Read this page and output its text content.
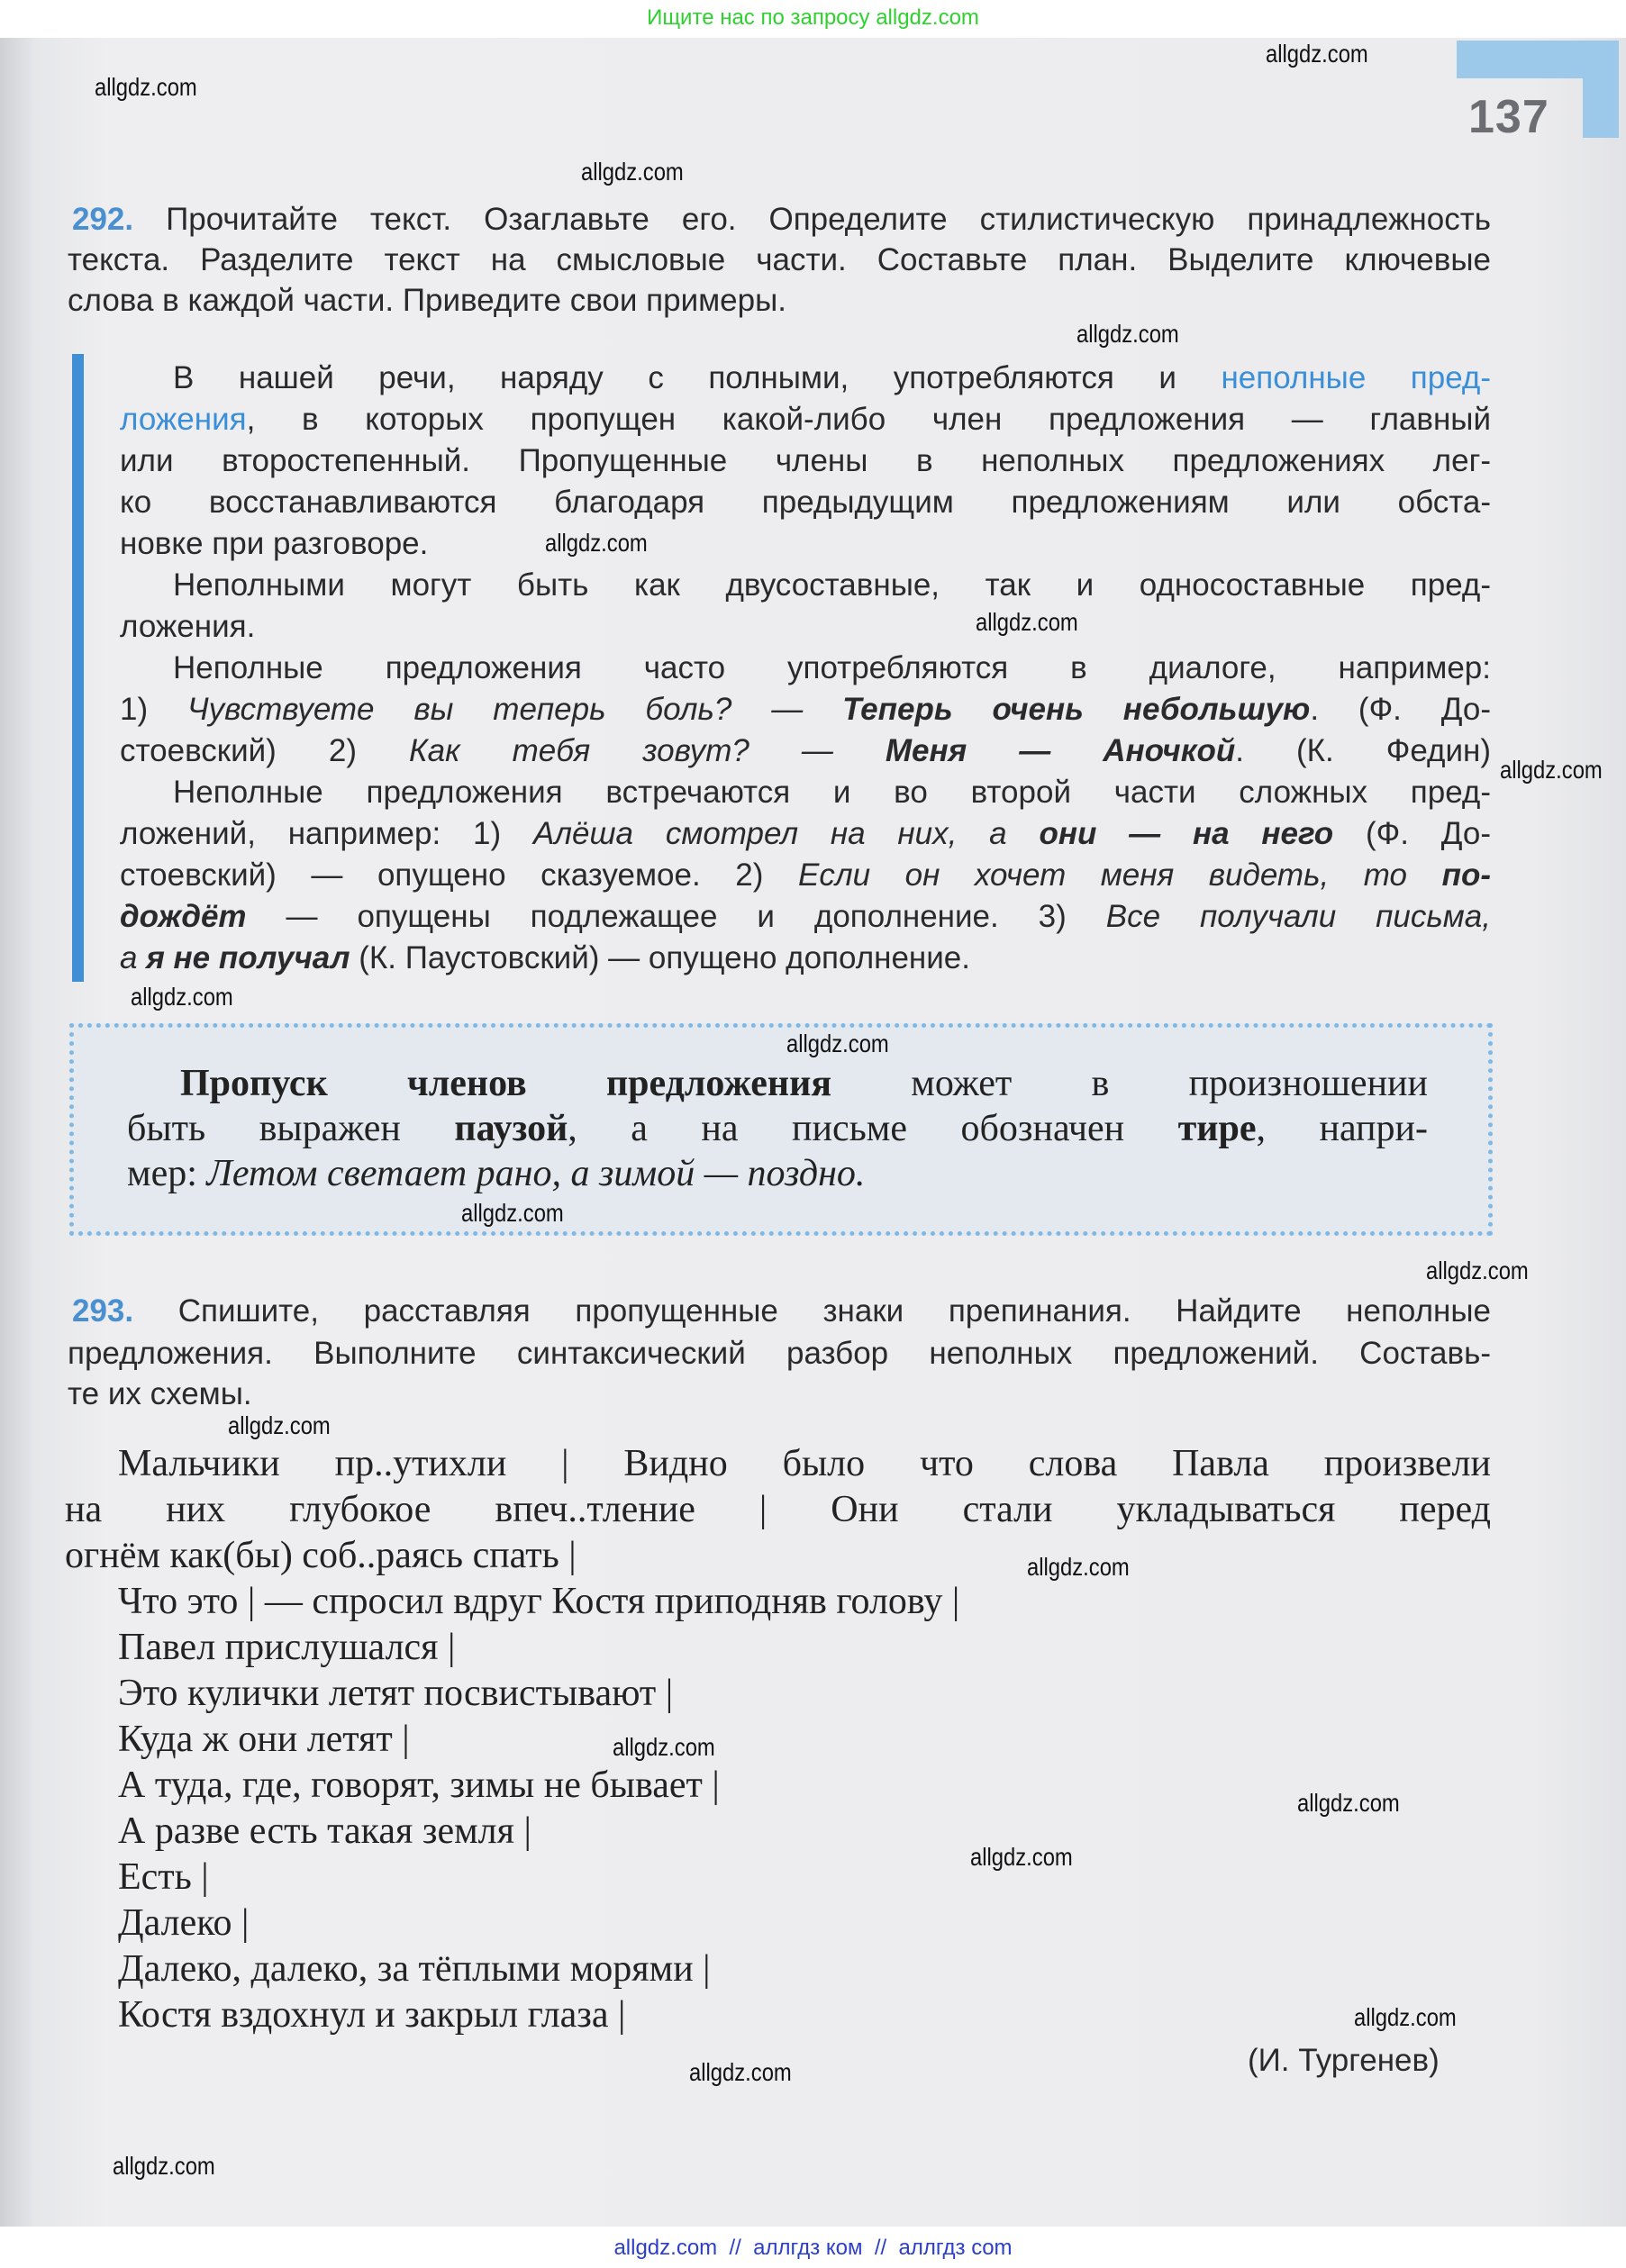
Ищите нас по запросу allgdz.com
137
292. Прочитайте текст. Озаглавьте его. Определите стилистическую принадлежность
текста. Разделите текст на смысловые части. Составьте план. Выделите ключевые
слова в каждой части. Приведите свои примеры.
В нашей речи, наряду с полными, употребляются и неполные пред-
ложения, в которых пропущен какой-либо член предложения — главный
или второстепенный. Пропущенные члены в неполных предложениях лег-
ко восстанавливаются благодаря предыдущим предложениям или обста-
новке при разговоре.
Неполными могут быть как двусоставные, так и односоставные пред-
ложения.
Неполные предложения часто употребляются в диалоге, например:
1) Чувствуете вы теперь боль? — Теперь очень небольшую. (Ф. До-
стоевский) 2) Как тебя зовут? — Меня — Аночкой. (К. Федин)
Неполные предложения встречаются и во второй части сложных пред-
ложений, например: 1) Алёша смотрел на них, а они — на него (Ф. До-
стоевский) — опущено сказуемое. 2) Если он хочет меня видеть, то по-
дождёт — опущены подлежащее и дополнение. 3) Все получали письма,
а я не получал (К. Паустовский) — опущено дополнение.
Пропуск членов предложения может в произношении
быть выражен паузой, а на письме обозначен тире, напри-
мер: Летом светает рано, а зимой — поздно.
293. Спишите, расставляя пропущенные знаки препинания. Найдите неполные
предложения. Выполните синтаксический разбор неполных предложений. Составь-
те их схемы.
Мальчики пр..утихли | Видно было что слова Павла произвели
на них глубокое впеч..тление | Они стали укладываться перед
огнём как(бы) соб..раясь спать |
Что это | — спросил вдруг Костя приподняв голову |
Павел прислушался |
Это кулички летят посвистывают |
Куда ж они летят |
А туда, где, говорят, зимы не бывает |
А разве есть такая земля |
Есть |
Далеко |
Далеко, далеко, за тёплыми морями |
Костя вздохнул и закрыл глаза |
(И. Тургенев)
allgdz.com
allgdz.com
allgdz.com
allgdz.com
allgdz.com
allgdz.com
allgdz.com
allgdz.com
allgdz.com
allgdz.com
allgdz.com
allgdz.com
allgdz.com
allgdz.com
allgdz.com
allgdz.com
allgdz.com
allgdz.com
allgdz.com
allgdz.com  //  аллгдз ком  //  аллгдз com
